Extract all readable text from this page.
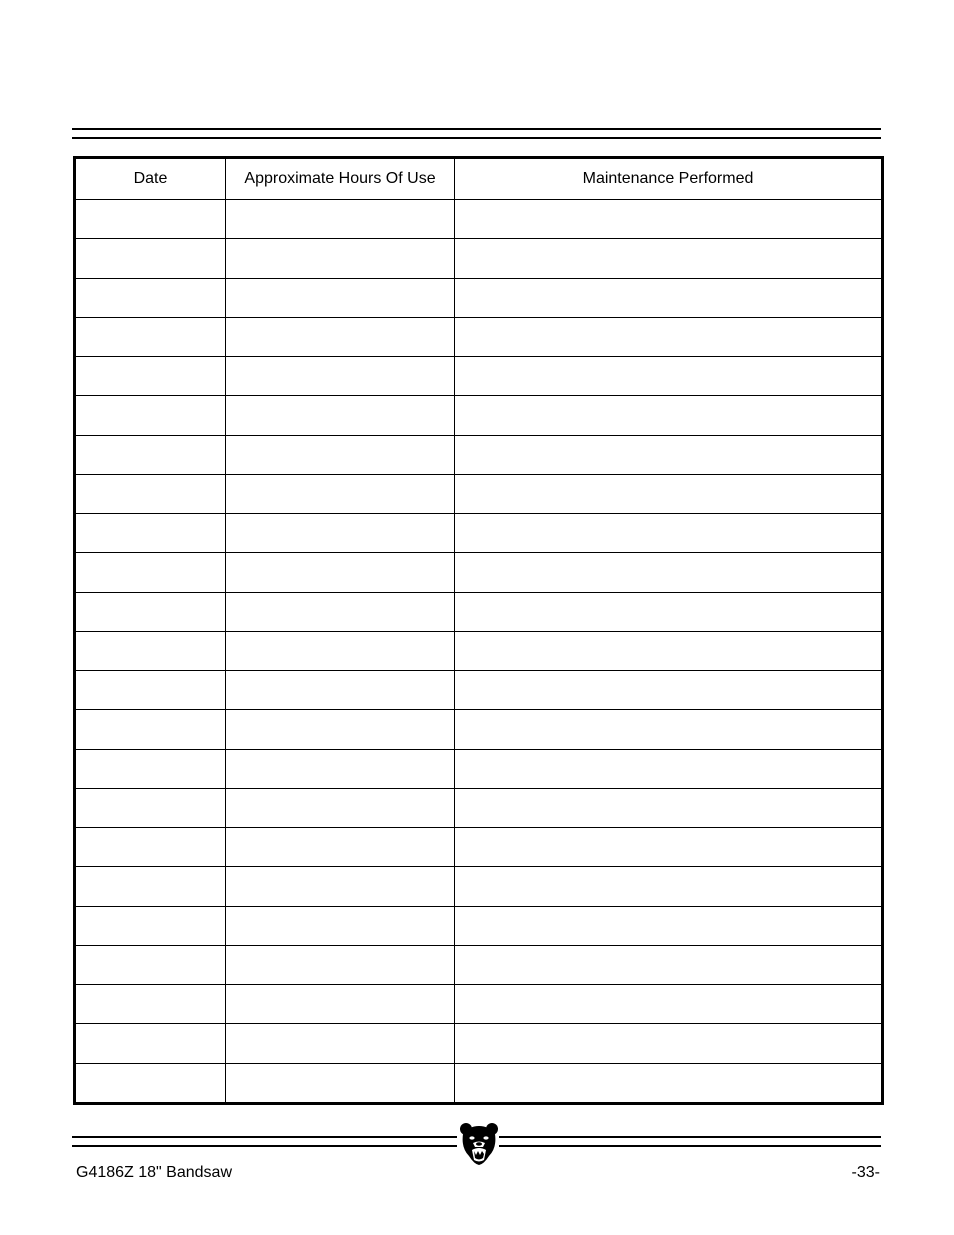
Date	Approximate Hours Of Use	Maintenance Performed

G4186Z 18" Bandsaw	-33-
